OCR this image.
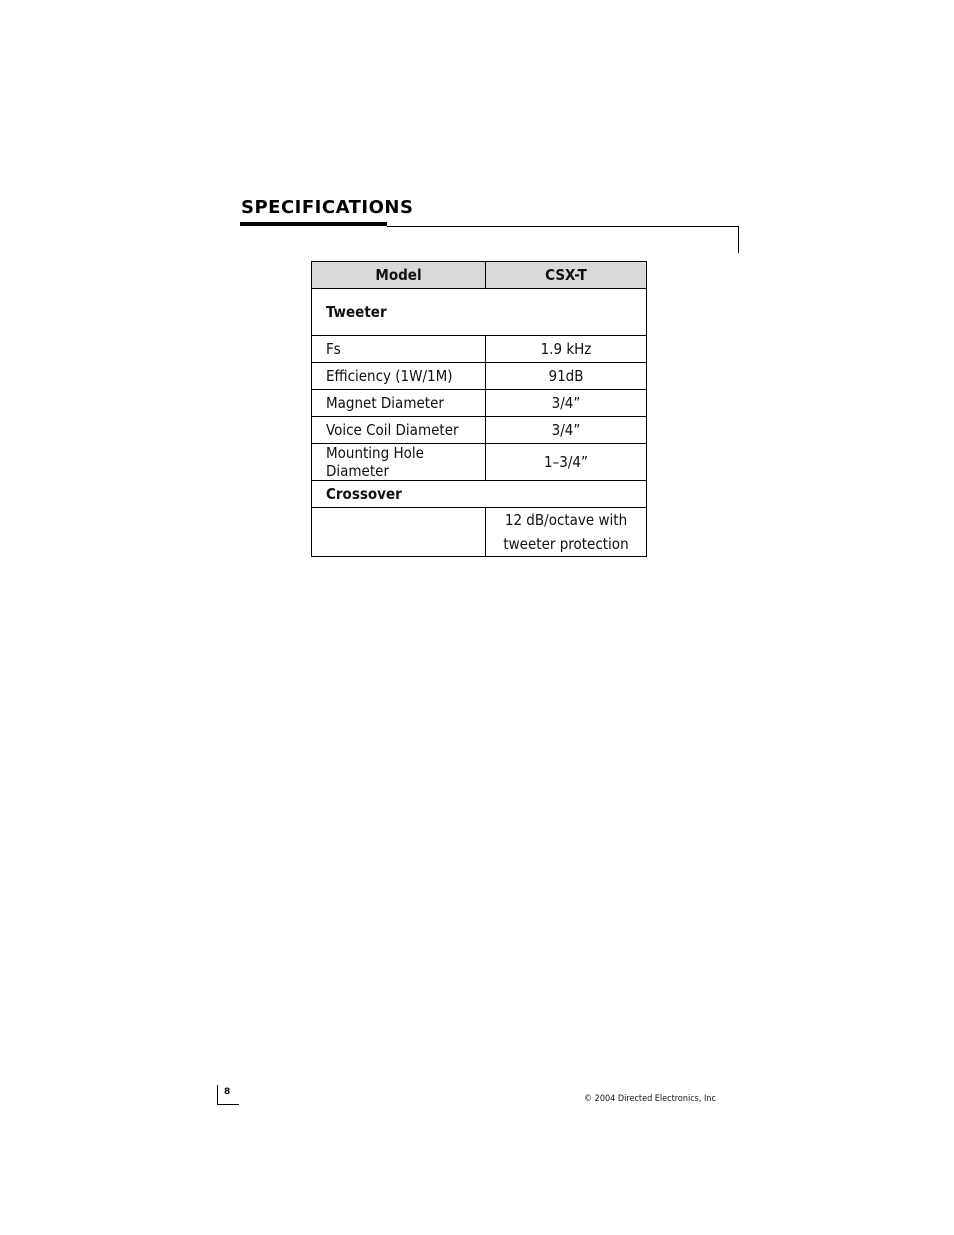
SPECIFICATIONS
Model	CSX-T
Tweeter	
Fs	1.9 kHz
Efficiency (1W/1M)	91dB
Magnet Diameter	3/4”
Voice Coil Diameter	3/4”
Mounting Hole Diameter	1–3/4”
Crossover	
	12 dB/octave with tweeter protection
8
© 2004 Directed Electronics, Inc
